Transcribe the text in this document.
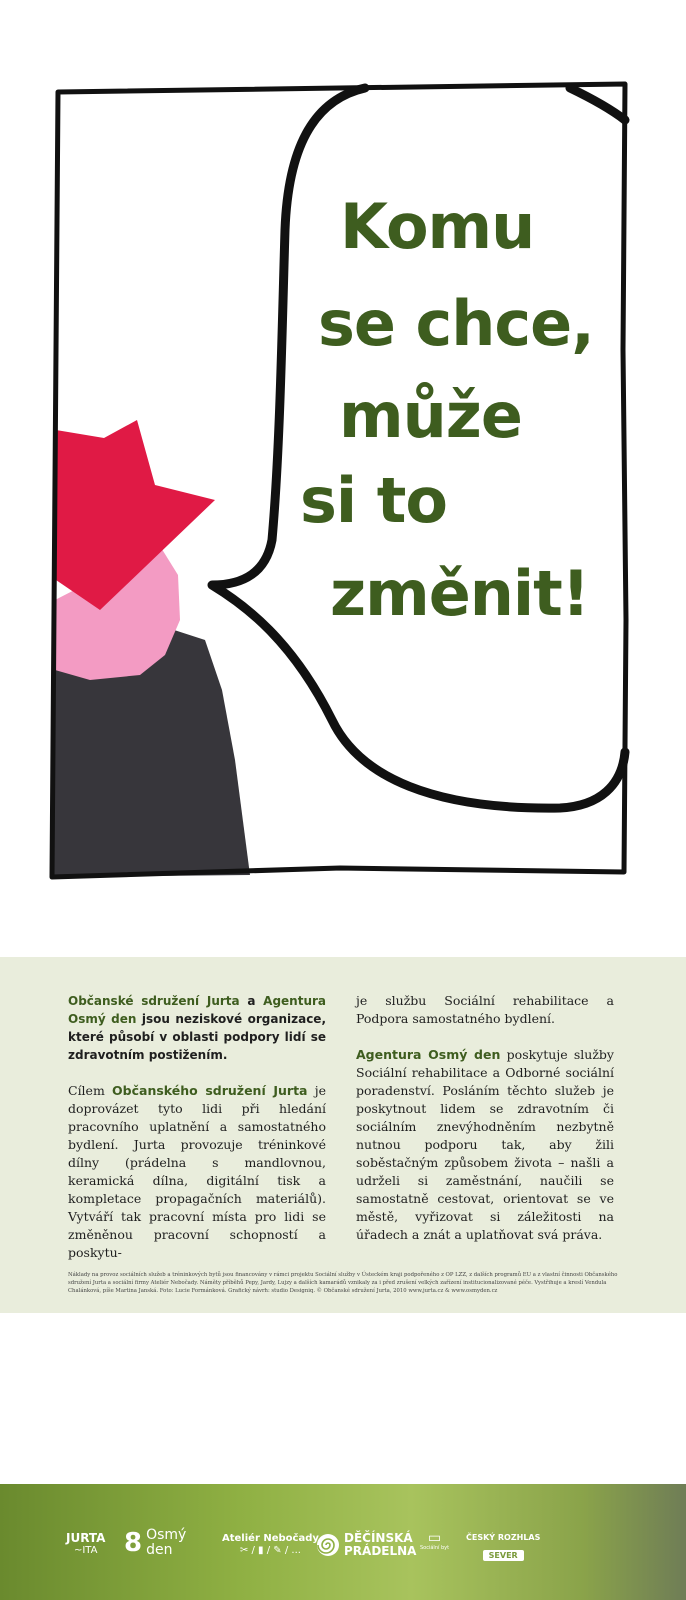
Komu
se chce,
může
si to
změnit!

Občanské sdružení Jurta a Agentura Osmý den jsou neziskové organizace, které působí v oblasti podpory lidí se zdravotním postižením.

Cílem Občanského sdružení Jurta je doprovázet tyto lidi při hledání pracovního uplatnění a samostatného bydlení. Jurta provozuje tréninkové dílny (prádelna s mandlovnou, keramická dílna, digitální tisk a kompletace propagačních materiálů). Vytváří tak pracovní místa pro lidi se změněnou pracovní schopností a poskytu-

je službu Sociální rehabilitace a Podpora samostatného bydlení.

Agentura Osmý den poskytuje služby Sociální rehabilitace a Odborné sociální poradenství. Posláním těchto služeb je poskytnout lidem se zdravotním či sociálním znevýhodněním nezbytně nutnou podporu tak, aby žili soběstačným způsobem života – našli a udrželi si zaměstnání, naučili se samostatně cestovat, orientovat se ve městě, vyřizovat si záležitosti na úřadech a znát a uplatňovat svá práva.

Náklady na provoz sociálních služeb a tréninkových bytů jsou financovány v rámci projektu Sociální služby v Ústeckém kraji podpořeného z OP LZZ, z dalších programů EU a z vlastní činnosti Občanského sdružení Jurta a sociální firmy Ateliér Nebočady. Náměty příběhů Pepy, Jardy, Lujzy a dalších kamarádů vznikaly za i před zrušení velkých zařízení institucionalizované péče. Vystřihuje a kreslí Vendula Chalánková, píše Martina Janská. Foto: Lucie Formánková. Grafický návrh: studio Designiq. © Občanské sdružení Jurta, 2010 www.jurta.cz & www.osmyden.cz
JURTA
~ITA	8 Osmý
den
Ateliér Nebočady
✂ / ▮ / ✎ / ...
DĚČÍNSKÁ
PRÁDELNA
▭
Sociální byt
ČESKÝ ROZHLAS
SEVER
